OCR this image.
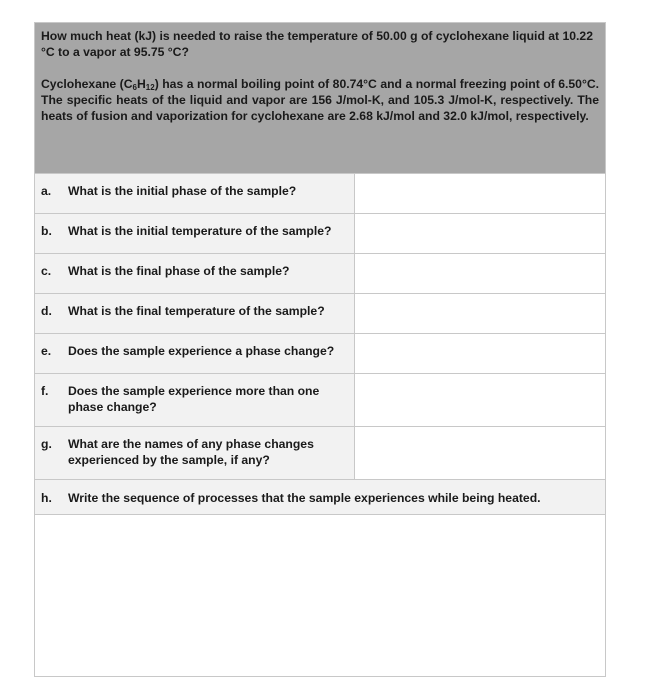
How much heat (kJ) is needed to raise the temperature of 50.00 g of cyclohexane liquid at 10.22 °C to a vapor at 95.75 °C?

Cyclohexane $(C_6H_{12})$ has a normal boiling point of 80.74°C and a normal freezing point of 6.50°C. The specific heats of the liquid and vapor are 156 J/mol-K, and 105.3 J/mol-K, respectively. The heats of fusion and vaporization for cyclohexane are 2.68 kJ/mol and 32.0 kJ/mol, respectively.

a.	What is the initial phase of the sample?
b.	What is the initial temperature of the sample?
c.	What is the final phase of the sample?
d.	What is the final temperature of the sample?
e.	Does the sample experience a phase change?
f.	Does the sample experience more than one phase change?
g.	What are the names of any phase changes experienced by the sample, if any?
h.	Write the sequence of processes that the sample experiences while being heated.
